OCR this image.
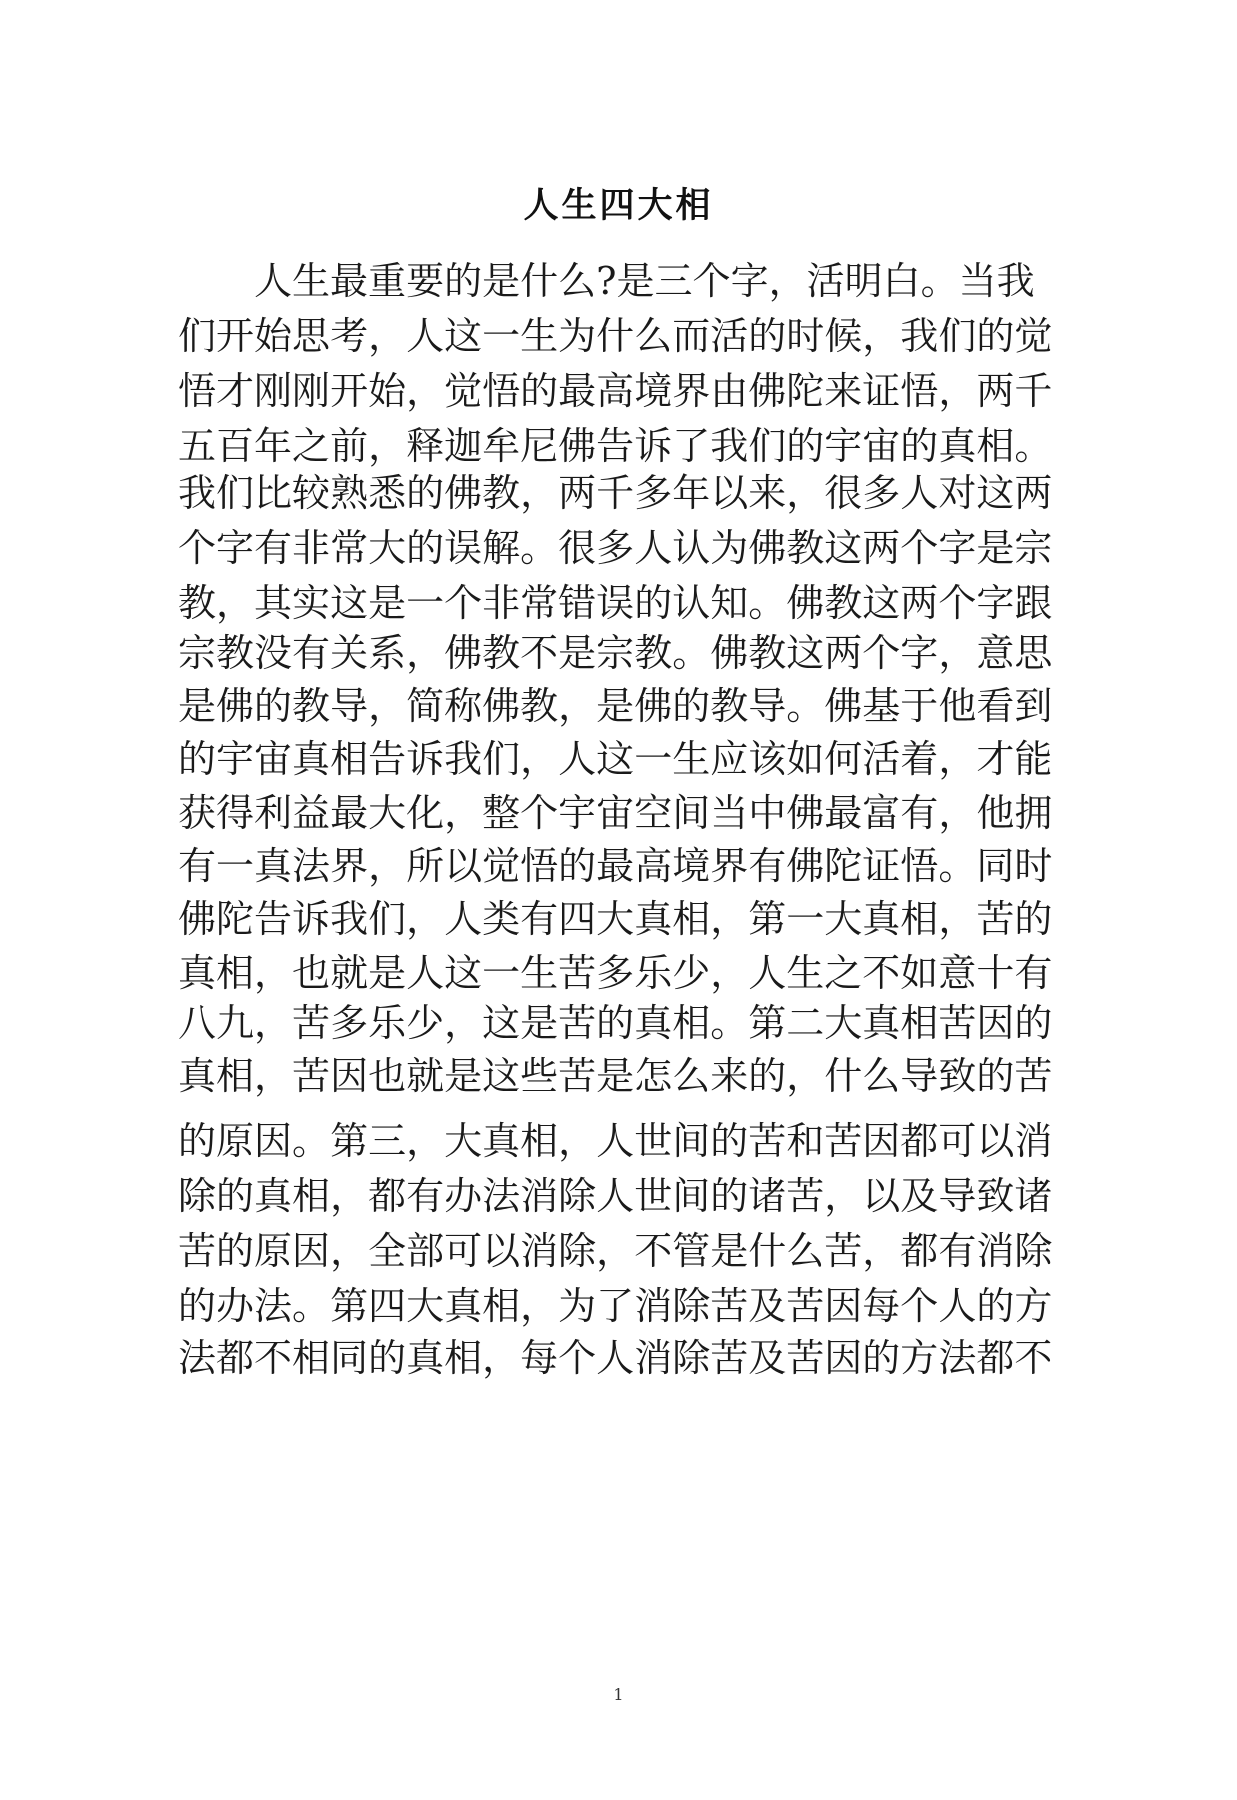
人生四大相
人 生 最 重 要 的 是 什 么 ? 是 三 个 字 ， 活 明 白 。 当 我
们 开 始 思 考 ， 人 这 一 生 为 什 么 而 活 的 时 候 ， 我 们 的 觉
悟 才 刚 刚 开 始 ， 觉 悟 的 最 高 境 界 由 佛 陀 来 证 悟 ， 两 千
五 百 年 之 前 ， 释 迦 牟 尼 佛 告 诉 了 我 们 的 宇 宙 的 真 相 。
我 们 比 较 熟 悉 的 佛 教 ， 两 千 多 年 以 来 ， 很 多 人 对 这 两
个 字 有 非 常 大 的 误 解 。 很 多 人 认 为 佛 教 这 两 个 字 是 宗
教 ， 其 实 这 是 一 个 非 常 错 误 的 认 知 。 佛 教 这 两 个 字 跟
宗 教 没 有 关 系 ， 佛 教 不 是 宗 教 。 佛 教 这 两 个 字 ， 意 思
是 佛 的 教 导 ， 简 称 佛 教 ， 是 佛 的 教 导 。 佛 基 于 他 看 到
的 宇 宙 真 相 告 诉 我 们 ， 人 这 一 生 应 该 如 何 活 着 ， 才 能
获 得 利 益 最 大 化 ， 整 个 宇 宙 空 间 当 中 佛 最 富 有 ， 他 拥
有 一 真 法 界 ， 所 以 觉 悟 的 最 高 境 界 有 佛 陀 证 悟 。 同 时
佛 陀 告 诉 我 们 ， 人 类 有 四 大 真 相 ， 第 一 大 真 相 ， 苦 的
真 相 ， 也 就 是 人 这 一 生 苦 多 乐 少 ， 人 生 之 不 如 意 十 有
八 九 ， 苦 多 乐 少 ， 这 是 苦 的 真 相 。 第 二 大 真 相 苦 因 的
真 相 ， 苦 因 也 就 是 这 些 苦 是 怎 么 来 的 ， 什 么 导 致 的 苦
的 原 因 。 第 三 ， 大 真 相 ， 人 世 间 的 苦 和 苦 因 都 可 以 消
除 的 真 相 ， 都 有 办 法 消 除 人 世 间 的 诸 苦 ， 以 及 导 致 诸
苦 的 原 因 ， 全 部 可 以 消 除 ， 不 管 是 什 么 苦 ， 都 有 消 除
的 办 法 。 第 四 大 真 相 ， 为 了 消 除 苦 及 苦 因 每 个 人 的 方
法 都 不 相 同 的 真 相 ， 每 个 人 消 除 苦 及 苦 因 的 方 法 都 不
1
